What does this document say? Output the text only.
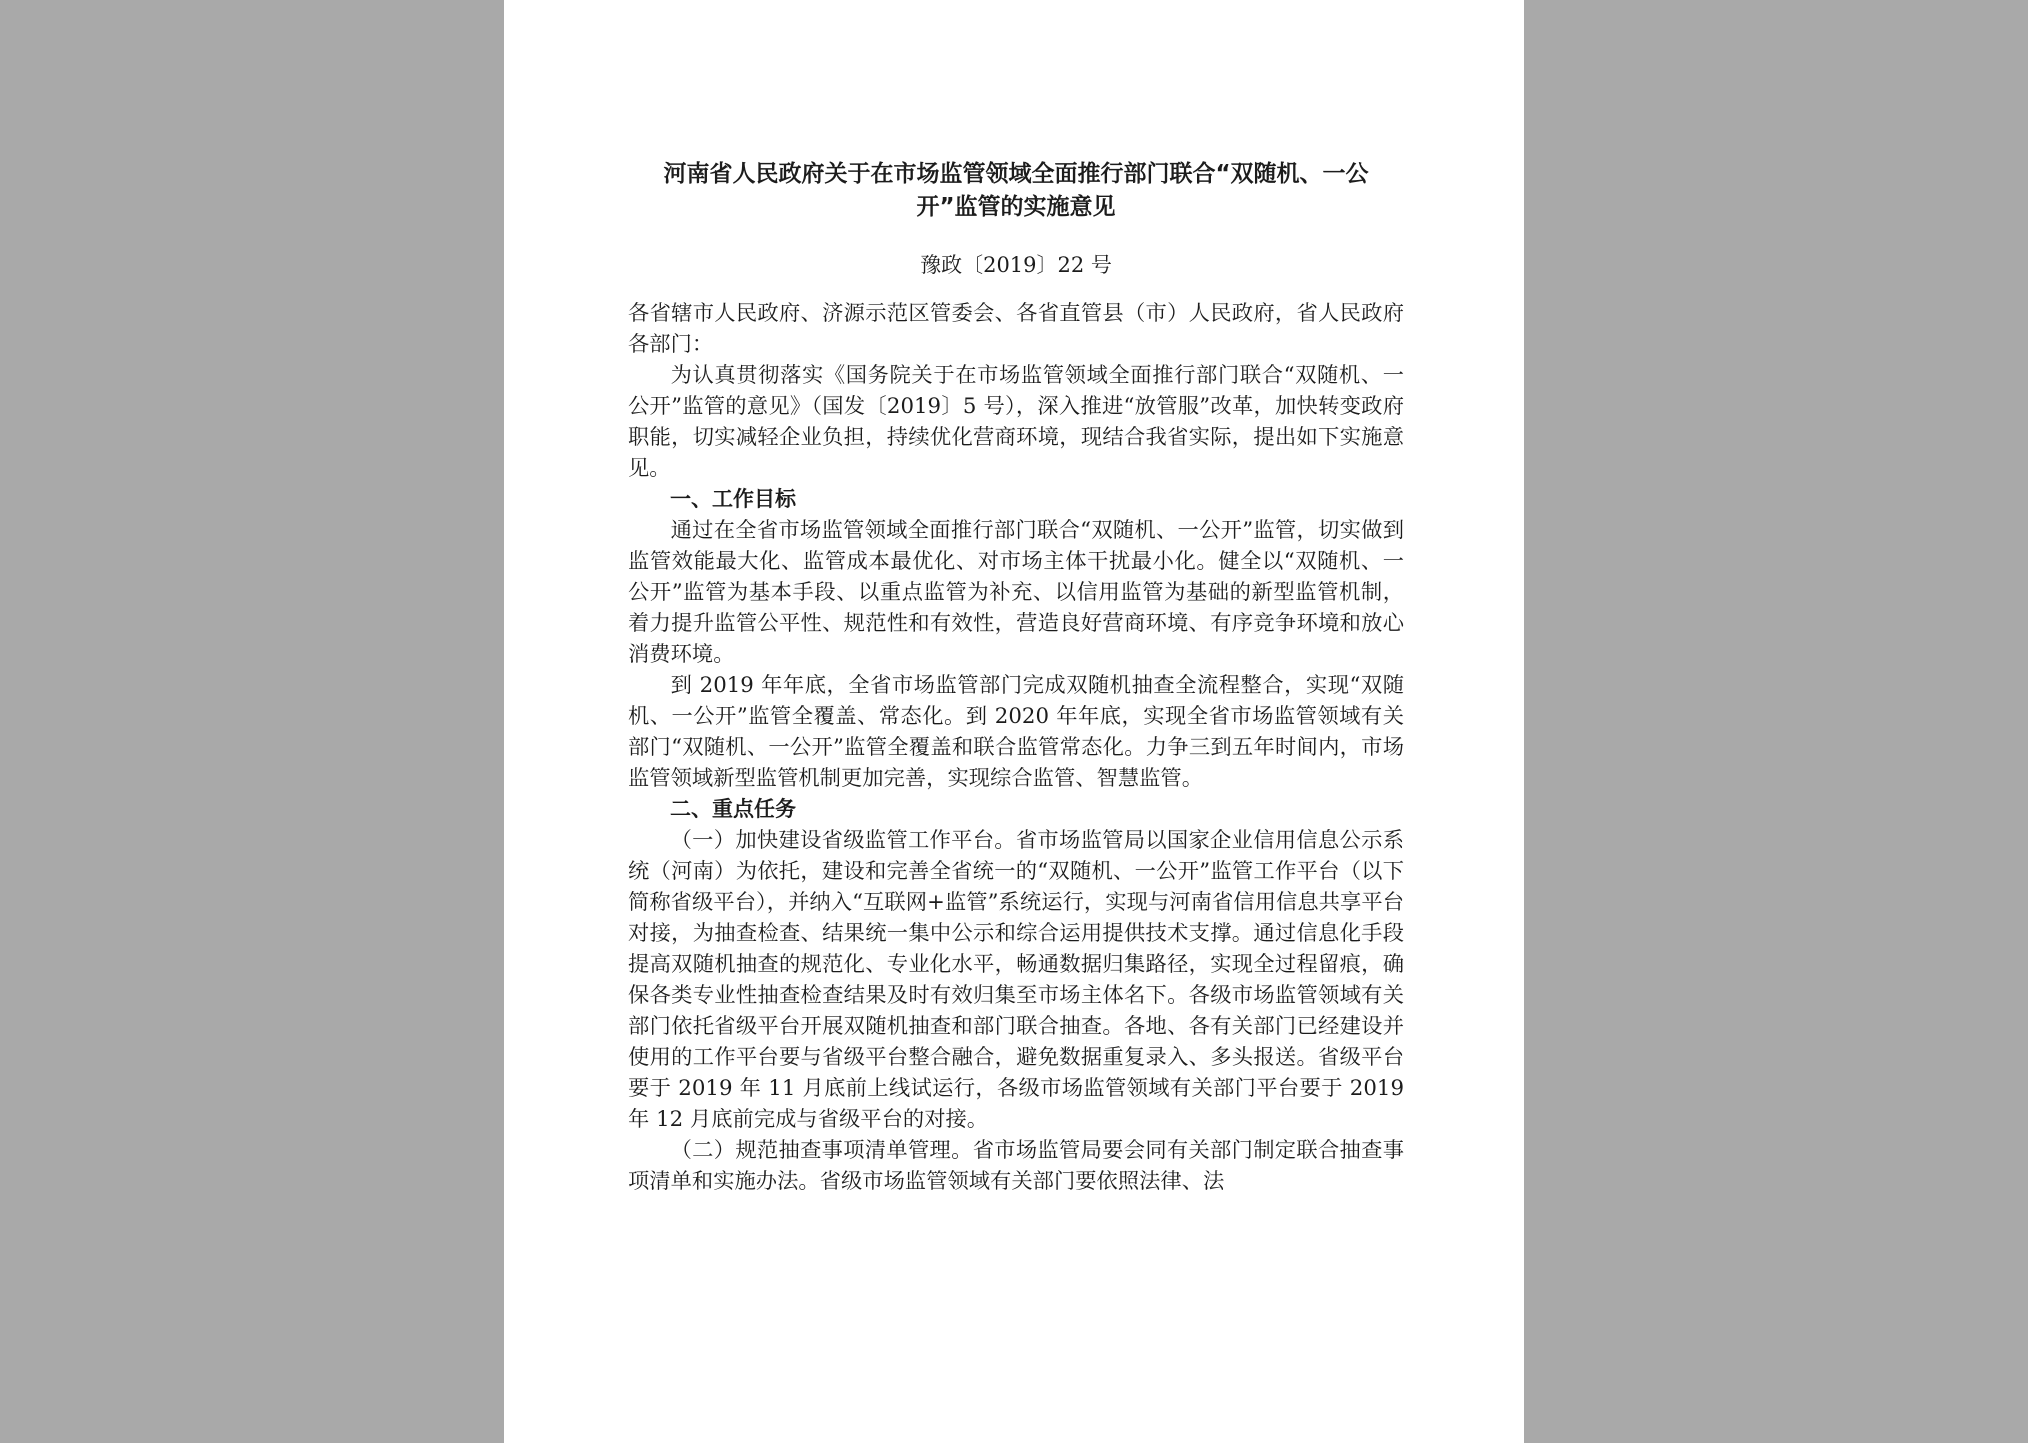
河南省人民政府关于在市场监管领域全面推行部门联合“双随机、一公开”监管的实施意见

豫政〔2019〕22 号

各省辖市人民政府、济源示范区管委会、各省直管县（市）人民政府，省人民政府各部门：

为认真贯彻落实《国务院关于在市场监管领域全面推行部门联合“双随机、一公开”监管的意见》（国发〔2019〕5 号），深入推进“放管服”改革，加快转变政府职能，切实减轻企业负担，持续优化营商环境，现结合我省实际，提出如下实施意见。

一、工作目标

通过在全省市场监管领域全面推行部门联合“双随机、一公开”监管，切实做到监管效能最大化、监管成本最优化、对市场主体干扰最小化。健全以“双随机、一公开”监管为基本手段、以重点监管为补充、以信用监管为基础的新型监管机制，着力提升监管公平性、规范性和有效性，营造良好营商环境、有序竞争环境和放心消费环境。

到 2019 年年底，全省市场监管部门完成双随机抽查全流程整合，实现“双随机、一公开”监管全覆盖、常态化。到 2020 年年底，实现全省市场监管领域有关部门“双随机、一公开”监管全覆盖和联合监管常态化。力争三到五年时间内，市场监管领域新型监管机制更加完善，实现综合监管、智慧监管。

二、重点任务

（一）加快建设省级监管工作平台。省市场监管局以国家企业信用信息公示系统（河南）为依托，建设和完善全省统一的“双随机、一公开”监管工作平台（以下简称省级平台），并纳入“互联网+监管”系统运行，实现与河南省信用信息共享平台对接，为抽查检查、结果统一集中公示和综合运用提供技术支撑。通过信息化手段提高双随机抽查的规范化、专业化水平，畅通数据归集路径，实现全过程留痕，确保各类专业性抽查检查结果及时有效归集至市场主体名下。各级市场监管领域有关部门依托省级平台开展双随机抽查和部门联合抽查。各地、各有关部门已经建设并使用的工作平台要与省级平台整合融合，避免数据重复录入、多头报送。省级平台要于 2019 年 11 月底前上线试运行，各级市场监管领域有关部门平台要于 2019 年 12 月底前完成与省级平台的对接。

（二）规范抽查事项清单管理。省市场监管局要会同有关部门制定联合抽查事项清单和实施办法。省级市场监管领域有关部门要依照法律、法
